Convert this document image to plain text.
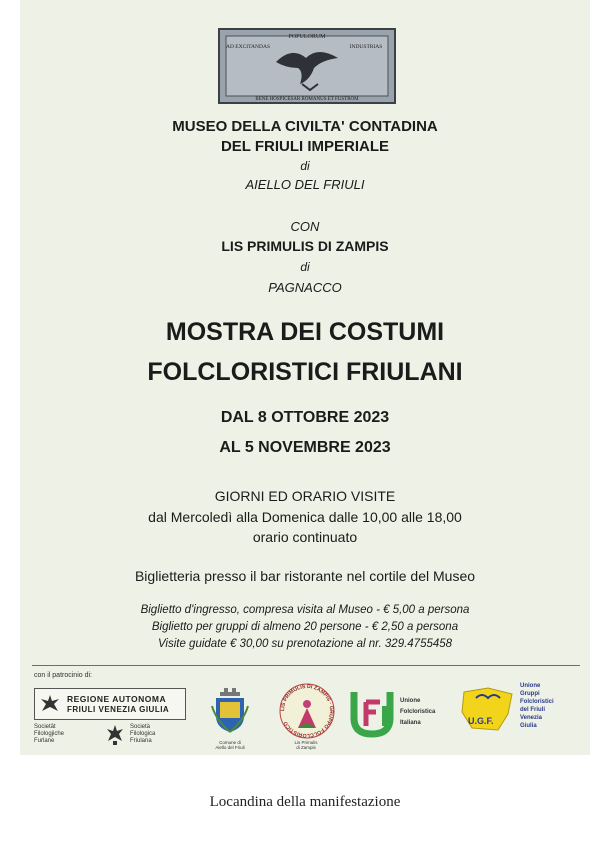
POPULORUM
AD EXCITANDAS	INDUSTRIAS
BENE HOSPICESAR ROMANUS ET FUSTROM
MUSEO DELLA CIVILTA' CONTADINA
DEL FRIULI IMPERIALE
di
AIELLO DEL FRIULI
CON
LIS PRIMULIS DI ZAMPIS
di
PAGNACCO
MOSTRA DEI COSTUMI
FOLCLORISTICI FRIULANI
DAL 8 OTTOBRE 2023
AL 5 NOVEMBRE 2023
GIORNI ED ORARIO VISITE
dal Mercoledì alla Domenica dalle 10,00 alle 18,00
orario continuato
Biglietteria presso il bar ristorante nel cortile del Museo
Biglietto d'ingresso, compresa visita al Museo - € 5,00 a persona
Biglietto per gruppi di almeno 20 persone - € 2,50 a persona
Visite guidate € 30,00 su prenotazione al nr. 329.4755458
con il patrocinio di:
REGIONE AUTONOMA
FRIULI VENEZIA GIULIA
Societât
Filologjiche
Furlane
Società
Filologica
Friulana	Comune di
Aiello del Friuli
LIS PRIMULIS DI ZAMPIS · GRUPPO FOLCLORISTICO
Lis Primulis
di Zampis
Unione
Folcloristica
Italiana	U.G.F.
Unione
Gruppi
Folcloristici
del Friuli
Venezia
Giulia
Locandina della manifestazione
